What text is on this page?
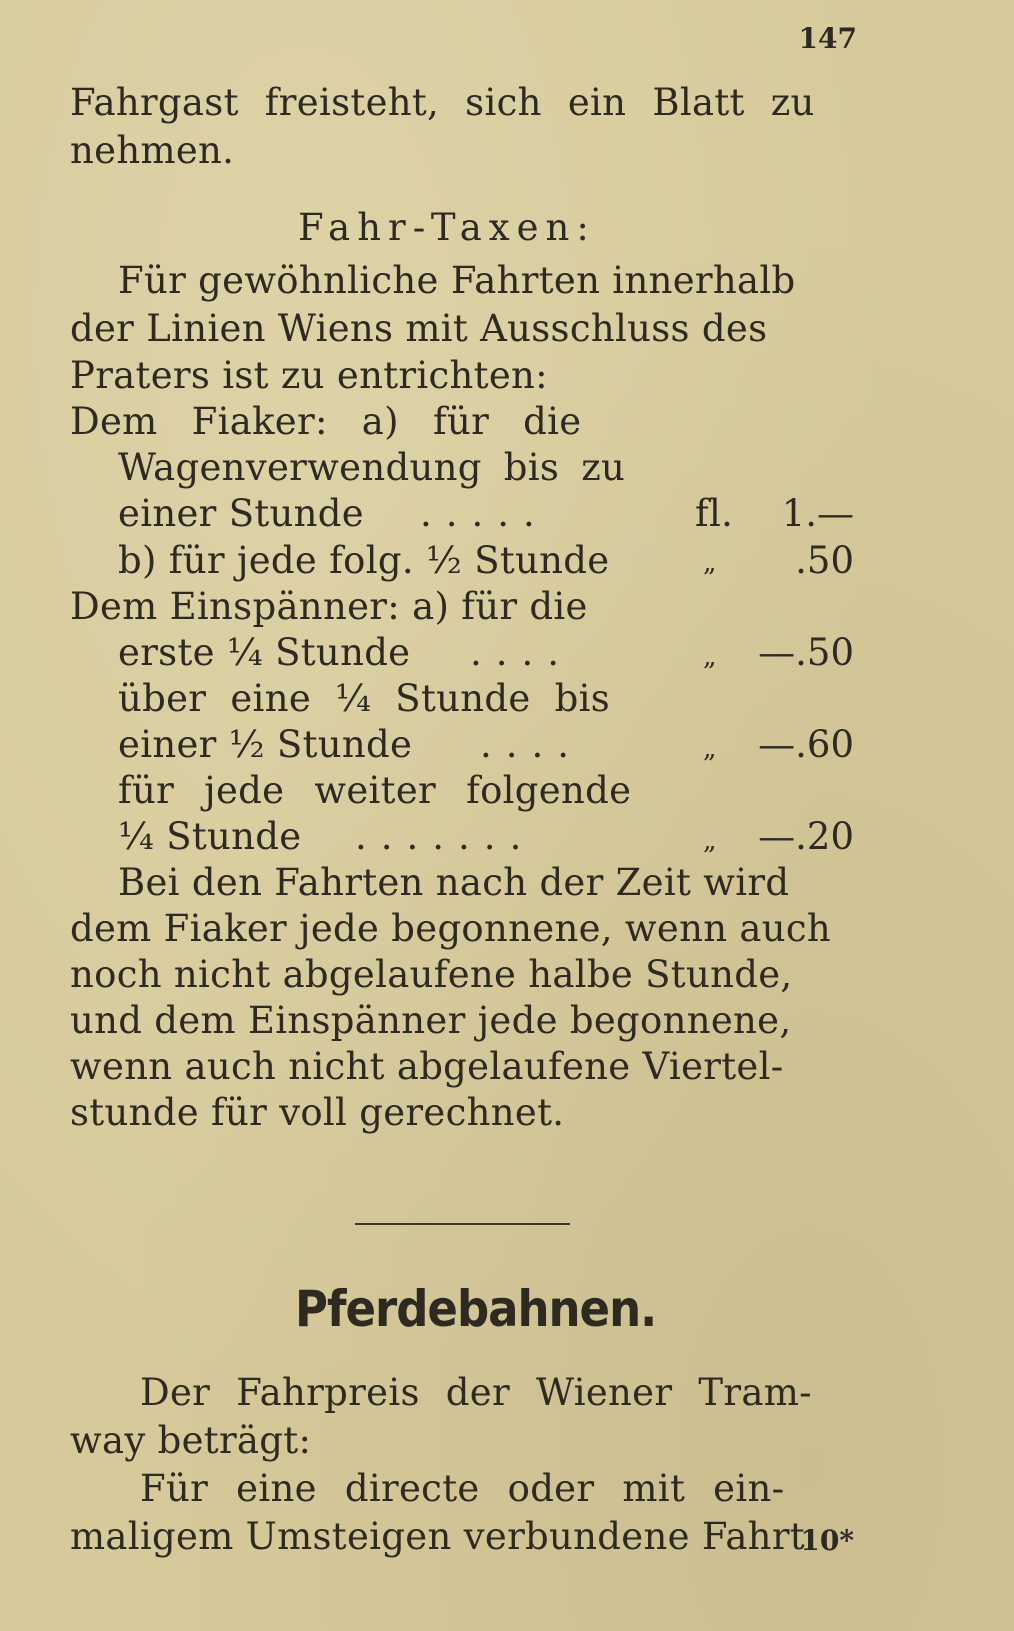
147
Fahrgast freisteht, sich ein Blatt zu
nehmen.
Fahr-Taxen:
Für gewöhnliche Fahrten innerhalb
der Linien Wiens mit Ausschluss des
Praters ist zu entrichten:
Dem Fiaker: a) für die
Wagenverwendung bis zu
einer Stunde .....	fl. 1.—
b) für jede folg. ½ Stunde	„ .50
Dem Einspänner: a) für die
erste ¼ Stunde ....	„ —.50
über eine ¼ Stunde bis
einer ½ Stunde ....	„ —.60
für jede weiter folgende
¼ Stunde .......	„ —.20
Bei den Fahrten nach der Zeit wird
dem Fiaker jede begonnene, wenn auch
noch nicht abgelaufene halbe Stunde,
und dem Einspänner jede begonnene,
wenn auch nicht abgelaufene Viertel-
stunde für voll gerechnet.
Pferdebahnen.
Der Fahrpreis der Wiener Tram-
way beträgt:
Für eine directe oder mit ein-
maligem Umsteigen verbundene Fahrt
10*
